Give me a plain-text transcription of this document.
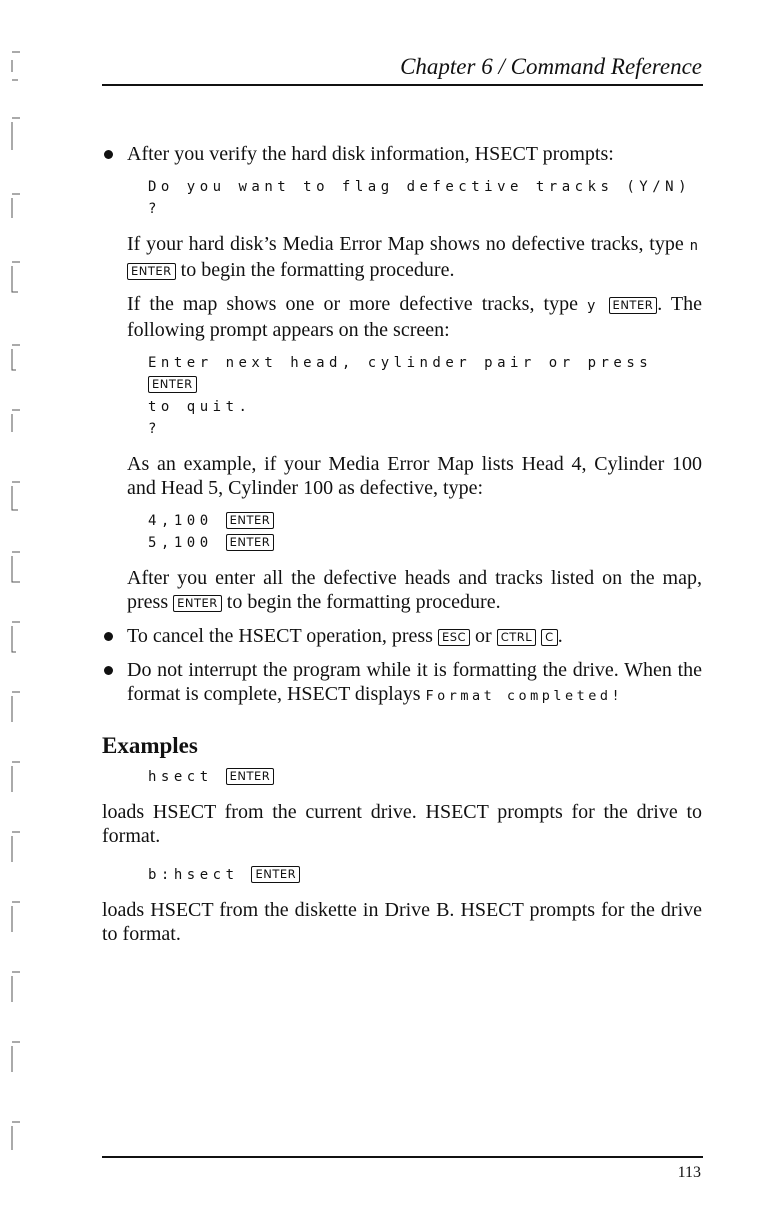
Chapter 6 / Command Reference
After you verify the hard disk information, HSECT prompts:
Do you want to flag defective tracks (Y/N)
?

If your hard disk’s Media Error Map shows no defective tracks, type n ENTER to begin the formatting procedure.

If the map shows one or more defective tracks, type y ENTER . The following prompt appears on the screen:

Enter next head, cylinder pair or press ENTER
to quit.
?

As an example, if your Media Error Map lists Head 4, Cylinder 100 and Head 5, Cylinder 100 as defective, type:

4,100 ENTER
5,100 ENTER

After you enter all the defective heads and tracks listed on the map, press ENTER to begin the formatting procedure.

To cancel the HSECT operation, press ESC or CTRL C .
Do not interrupt the program while it is formatting the drive. When the format is complete, HSECT displays Format completed!
Examples
hsect ENTER

loads HSECT from the current drive. HSECT prompts for the drive to format.

b:hsect ENTER

loads HSECT from the diskette in Drive B. HSECT prompts for the drive to format.

113
